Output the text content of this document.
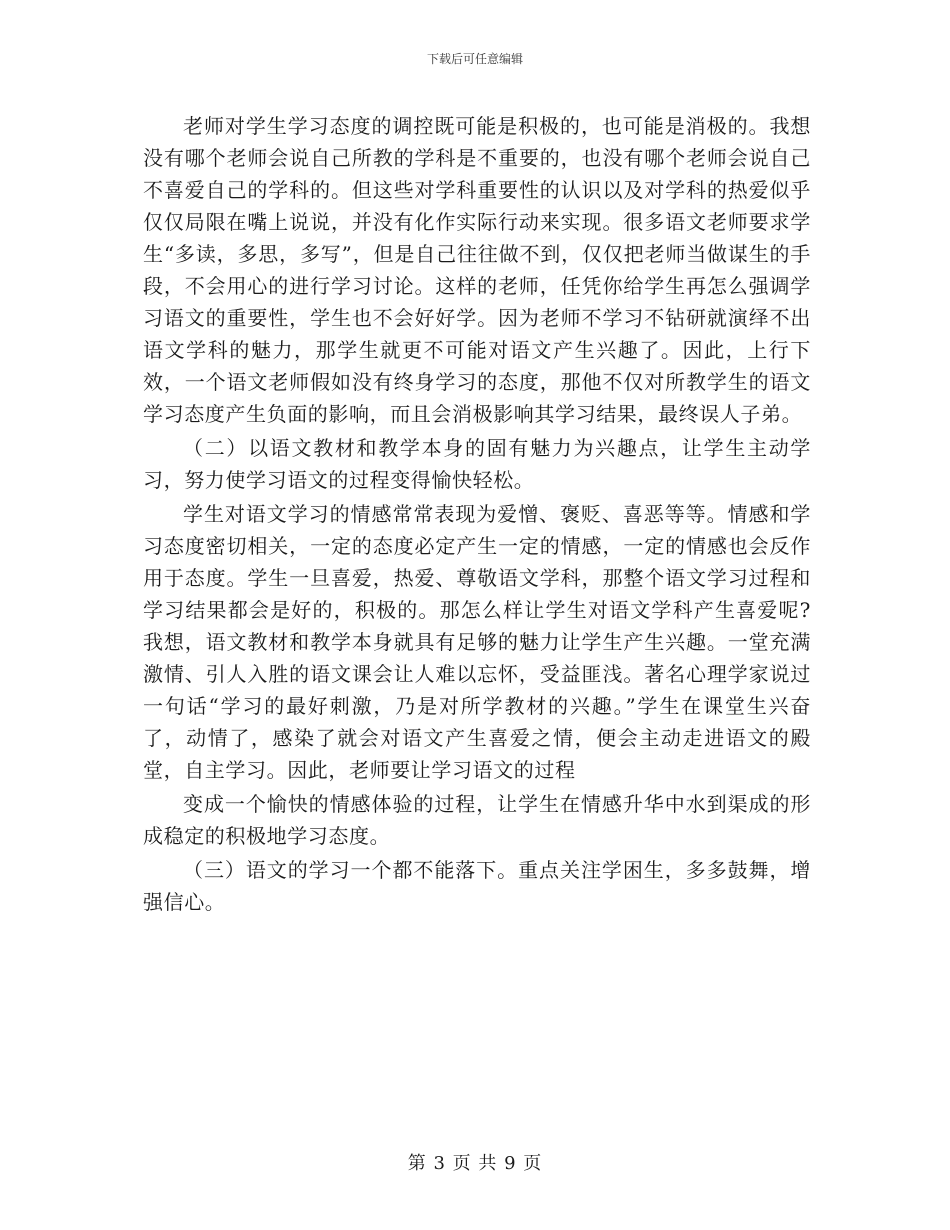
下载后可任意编辑

老师对学生学习态度的调控既可能是积极的，也可能是消极的。我想没有哪个老师会说自己所教的学科是不重要的，也没有哪个老师会说自己不喜爱自己的学科的。但这些对学科重要性的认识以及对学科的热爱似乎仅仅局限在嘴上说说，并没有化作实际行动来实现。很多语文老师要求学生“多读，多思，多写”，但是自己往往做不到，仅仅把老师当做谋生的手段，不会用心的进行学习讨论。这样的老师，任凭你给学生再怎么强调学习语文的重要性，学生也不会好好学。因为老师不学习不钻研就演绎不出语文学科的魅力，那学生就更不可能对语文产生兴趣了。因此，上行下效，一个语文老师假如没有终身学习的态度，那他不仅对所教学生的语文学习态度产生负面的影响，而且会消极影响其学习结果，最终误人子弟。

（二）以语文教材和教学本身的固有魅力为兴趣点，让学生主动学习，努力使学习语文的过程变得愉快轻松。

学生对语文学习的情感常常表现为爱憎、褒贬、喜恶等等。情感和学习态度密切相关，一定的态度必定产生一定的情感，一定的情感也会反作用于态度。学生一旦喜爱，热爱、尊敬语文学科，那整个语文学习过程和学习结果都会是好的，积极的。那怎么样让学生对语文学科产生喜爱呢?我想，语文教材和教学本身就具有足够的魅力让学生产生兴趣。一堂充满激情、引人入胜的语文课会让人难以忘怀，受益匪浅。著名心理学家说过一句话“学习的最好刺激，乃是对所学教材的兴趣。”学生在课堂生兴奋了，动情了，感染了就会对语文产生喜爱之情，便会主动走进语文的殿堂，自主学习。因此，老师要让学习语文的过程

变成一个愉快的情感体验的过程，让学生在情感升华中水到渠成的形成稳定的积极地学习态度。

（三）语文的学习一个都不能落下。重点关注学困生，多多鼓舞，增强信心。

第 3 页 共 9 页
